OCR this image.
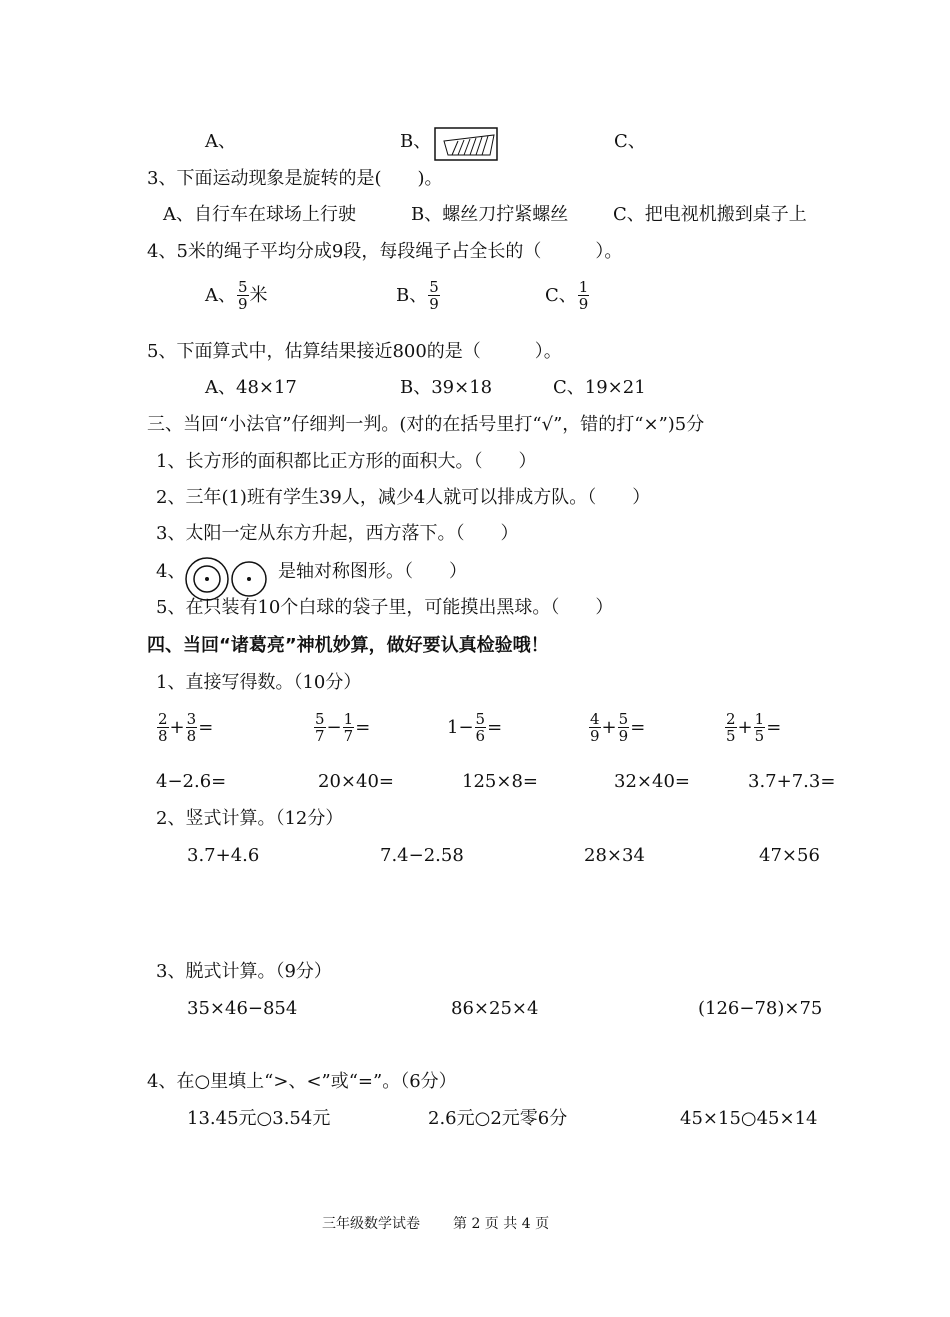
A、	B、	C、
3、下面运动现象是旋转的是(　　)。
A、自行车在球场上行驶	B、螺丝刀拧紧螺丝 C、把电视机搬到桌子上
4、5米的绳子平均分成9段，每段绳子占全长的（　　　）。
A、 $\frac{5}{9}$ 米	B、 $\frac{5}{9}$	C、 $\frac{1}{9}$
5、下面算式中，估算结果接近800的是（　　　）。
A、48×17	B、39×18	C、19×21
三、当回“小法官”仔细判一判。(对的在括号里打“√”，错的打“×”)5分
1、长方形的面积都比正方形的面积大。（　　）
2、三年(1)班有学生39人，减少4人就可以排成方队。（　　）
3、太阳一定从东方升起，西方落下。（　　）
4、	是轴对称图形。（　　）
5、在只装有10个白球的袋子里，可能摸出黑球。（　　）
四、当回“诸葛亮”神机妙算，做好要认真检验哦！
1、直接写得数。（10分）
$\frac{2}{8} + \frac{3}{8}$ =	$\frac{5}{7} - \frac{1}{7}$ =	$1- \frac{5}{6}$ =	$\frac{4}{9} + \frac{5}{9}$ =	$\frac{2}{5} + \frac{1}{5}$ =
4−2.6=	20×40=	125×8=	32×40=	3.7+7.3=
2、竖式计算。（12分）
3.7+4.6	7.4−2.58	28×34	47×56
3、脱式计算。（9分）
35×46−854	86×25×4	(126−78)×75
4、在○里填上“>、<”或“=”。（6分）
13.45元○3.54元	2.6元○2元零6分	45×15○45×14
三年级数学试卷 第 2 页 共 4 页
